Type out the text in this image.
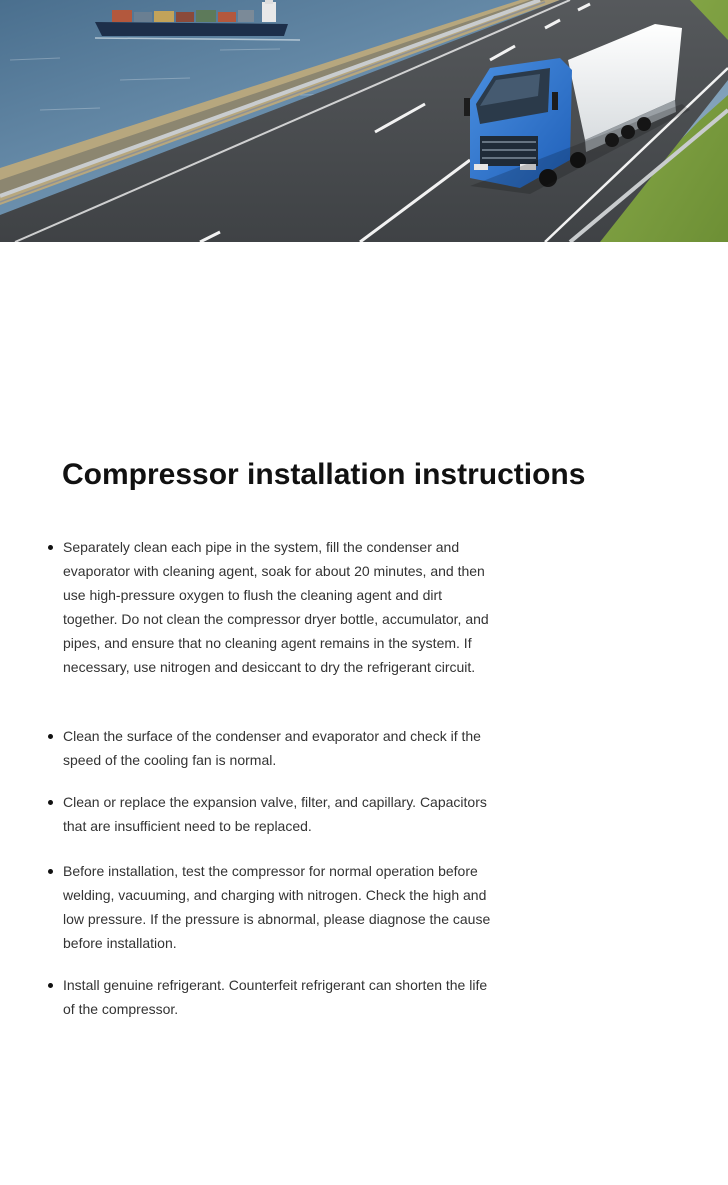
Compressor installation instructions
Separately clean each pipe in the system, fill the condenser and evaporator with cleaning agent, soak for about 20 minutes, and then use high-pressure oxygen to flush the cleaning agent and dirt together. Do not clean the compressor dryer bottle, accumulator, and pipes, and ensure that no cleaning agent remains in the system. If necessary, use nitrogen and desiccant to dry the refrigerant circuit.
Clean the surface of the condenser and evaporator and check if the speed of the cooling fan is normal.
Clean or replace the expansion valve, filter, and capillary. Capacitors that are insufficient need to be replaced.
Before installation, test the compressor for normal operation before welding, vacuuming, and charging with nitrogen. Check the high and low pressure. If the pressure is abnormal, please diagnose the cause before installation.
Install genuine refrigerant. Counterfeit refrigerant can shorten the life of the compressor.
